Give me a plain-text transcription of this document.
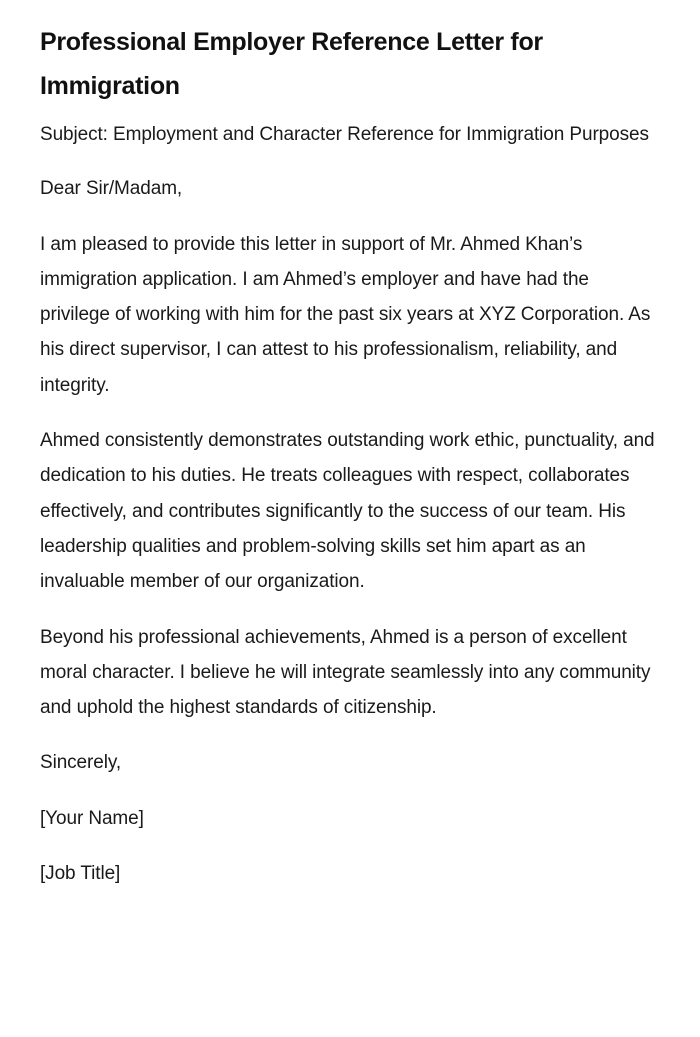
Professional Employer Reference Letter for Immigration

Subject: Employment and Character Reference for Immigration Purposes

Dear Sir/Madam,

I am pleased to provide this letter in support of Mr. Ahmed Khan’s immigration application. I am Ahmed’s employer and have had the privilege of working with him for the past six years at XYZ Corporation. As his direct supervisor, I can attest to his professionalism, reliability, and integrity.

Ahmed consistently demonstrates outstanding work ethic, punctuality, and dedication to his duties. He treats colleagues with respect, collaborates effectively, and contributes significantly to the success of our team. His leadership qualities and problem-solving skills set him apart as an invaluable member of our organization.

Beyond his professional achievements, Ahmed is a person of excellent moral character. I believe he will integrate seamlessly into any community and uphold the highest standards of citizenship.

Sincerely,

[Your Name]

[Job Title]
